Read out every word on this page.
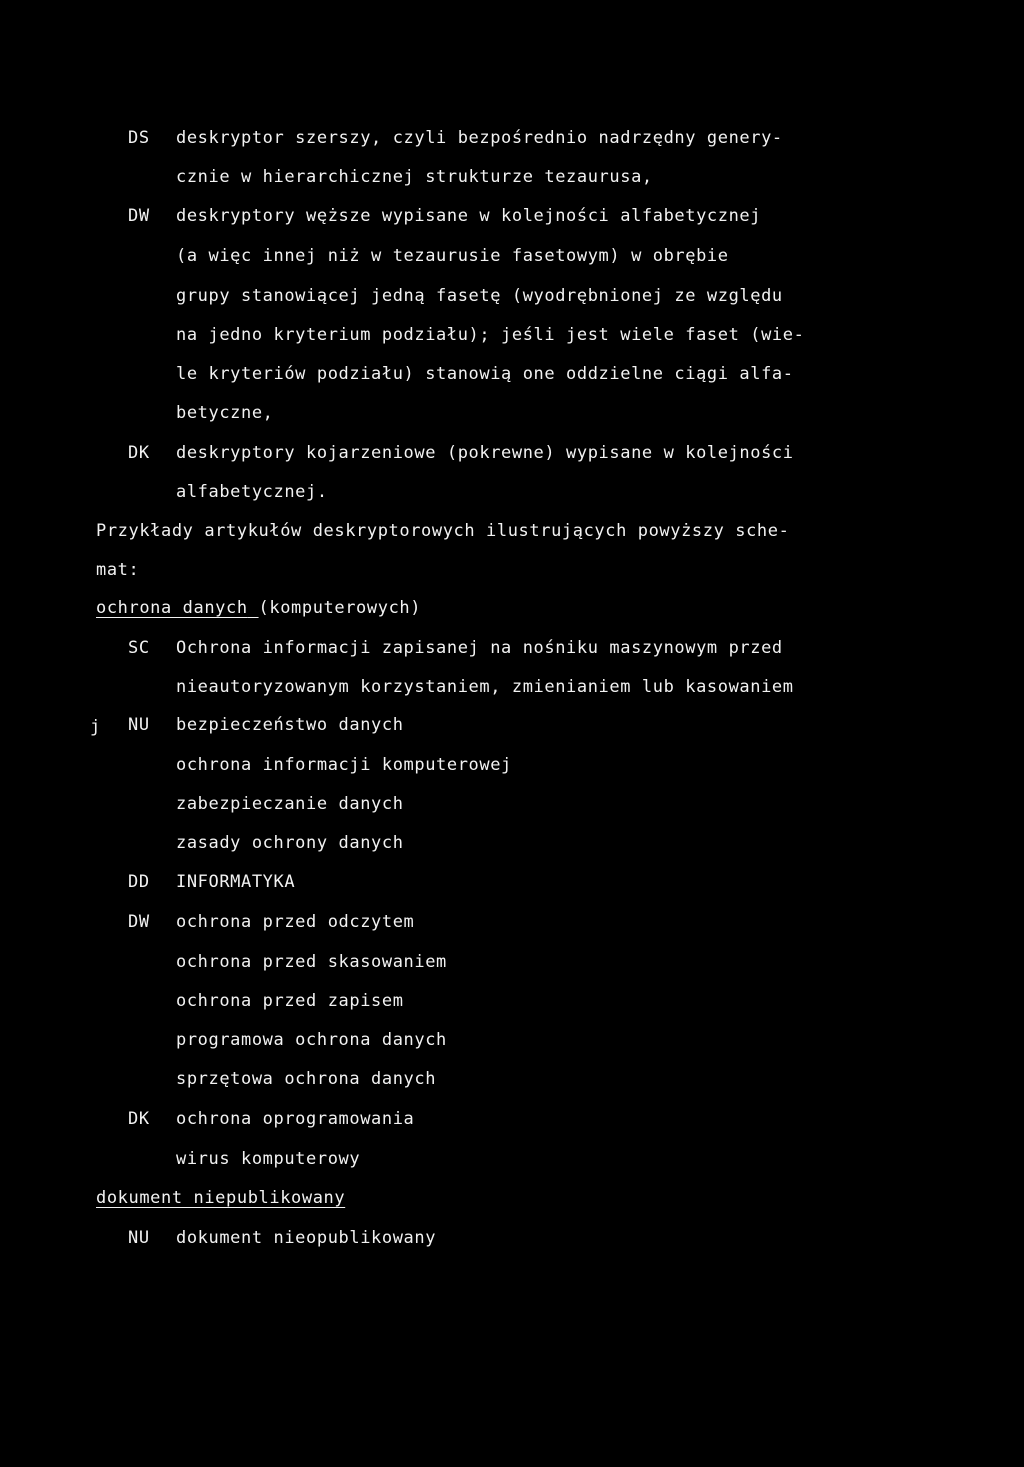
DS	deskryptor szerszy, czyli bezpośrednio nadrzędny genery-
cznie w hierarchicznej strukturze tezaurusa,
DW	deskryptory węższe wypisane w kolejności alfabetycznej
(a więc innej niż w tezaurusie fasetowym) w obrębie
grupy stanowiącej jedną fasetę (wyodrębnionej ze względu
na jedno kryterium podziału); jeśli jest wiele faset (wie-
le kryteriów podziału) stanowią one oddzielne ciągi alfa-
betyczne,
DK	deskryptory kojarzeniowe (pokrewne) wypisane w kolejności
alfabetycznej.
Przykłady artykułów deskryptorowych ilustrujących powyższy sche-
mat:
ochrona danych (komputerowych)
SC	Ochrona informacji zapisanej na nośniku maszynowym przed
nieautoryzowanym korzystaniem, zmienianiem lub kasowaniem
j NU	bezpieczeństwo danych
ochrona informacji komputerowej
zabezpieczanie danych
zasady ochrony danych
DD	INFORMATYKA
DW	ochrona przed odczytem
ochrona przed skasowaniem
ochrona przed zapisem
programowa ochrona danych
sprzętowa ochrona danych
DK	ochrona oprogramowania
wirus komputerowy
dokument niepublikowany
NU	dokument nieopublikowany
